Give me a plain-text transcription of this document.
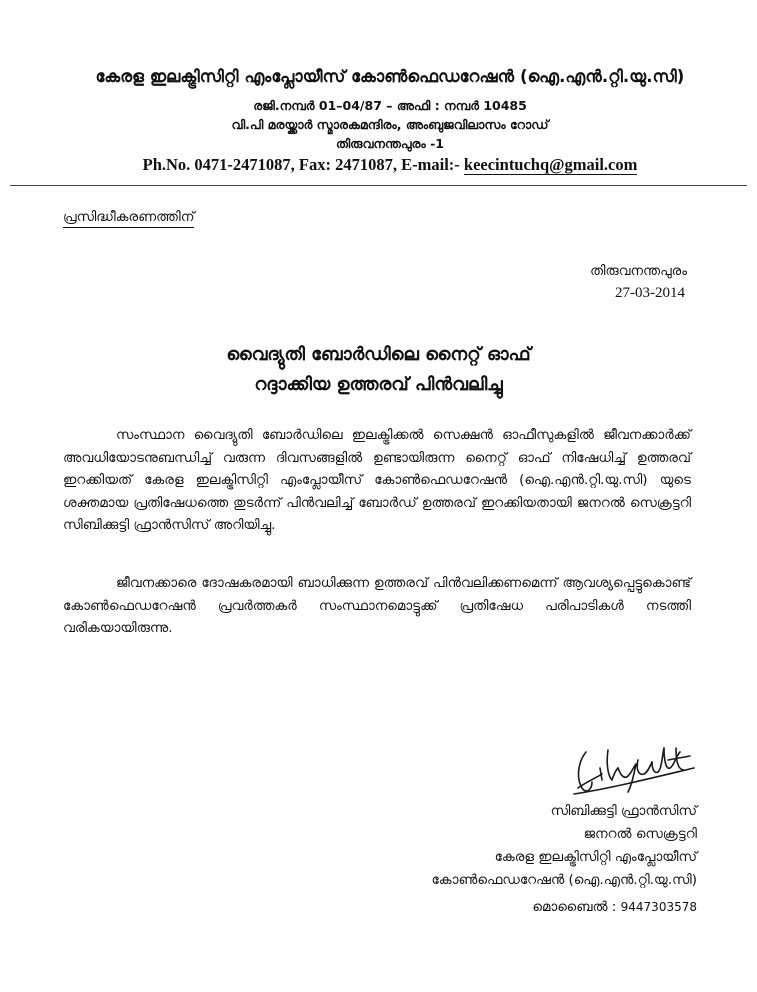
കേരള ഇലക്ട്രിസിറ്റി എംപ്ലോയീസ് കോൺഫെഡറേഷൻ (ഐ.എൻ.റ്റി.യു.സി)
രജി.നമ്പർ 01–04/87 – അഫി : നമ്പർ 10485
വി.പി മരയ്ക്കാർ സ്മാരകമന്ദിരം, അംബുജവിലാസം റോഡ്
തിരുവനന്തപുരം -1
Ph.No. 0471-2471087, Fax: 2471087, E-mail:- keecintuchq@gmail.com
പ്രസിദ്ധീകരണത്തിന്
തിരുവനന്തപുരം
27-03-2014
വൈദ്യുതി ബോർഡിലെ നൈറ്റ് ഓഫ്
റദ്ദാക്കിയ ഉത്തരവ് പിൻവലിച്ചു
സംസ്ഥാന വൈദ്യുതി ബോർഡിലെ ഇലക്ട്രിക്കൽ സെക്ഷൻ ഓഫീസുകളിൽ ജീവനക്കാർക്ക് അവധിയോടനുബന്ധിച്ച് വരുന്ന ദിവസങ്ങളിൽ ഉണ്ടായിരുന്ന നൈറ്റ് ഓഫ് നിഷേധിച്ച് ഉത്തരവ് ഇറക്കിയത് കേരള ഇലക്ട്രിസിറ്റി എംപ്ലോയീസ് കോൺഫെഡറേഷൻ (ഐ.എൻ.റ്റി.യു.സി) യുടെ ശക്തമായ പ്രതിഷേധത്തെ തുടർന്ന് പിൻവലിച്ച് ബോർഡ് ഉത്തരവ് ഇറക്കിയതായി ജനറൽ സെക്രട്ടറി സിബിക്കുട്ടി ഫ്രാൻസിസ് അറിയിച്ചു.
ജീവനക്കാരെ ദോഷകരമായി ബാധിക്കുന്ന ഉത്തരവ് പിൻവലിക്കണമെന്ന് ആവശ്യപ്പെട്ടുകൊണ്ട് കോൺഫെഡറേഷൻ പ്രവർത്തകർ സംസ്ഥാനമൊട്ടുക്ക് പ്രതിഷേധ പരിപാടികൾ നടത്തി വരികയായിരുന്നു.
സിബിക്കുട്ടി ഫ്രാൻസിസ്
ജനറൽ സെക്രട്ടറി
കേരള ഇലക്ട്രിസിറ്റി എംപ്ലോയീസ്
കോൺഫെഡറേഷൻ (ഐ.എൻ.റ്റി.യു.സി)
മൊബൈൽ : 9447303578
